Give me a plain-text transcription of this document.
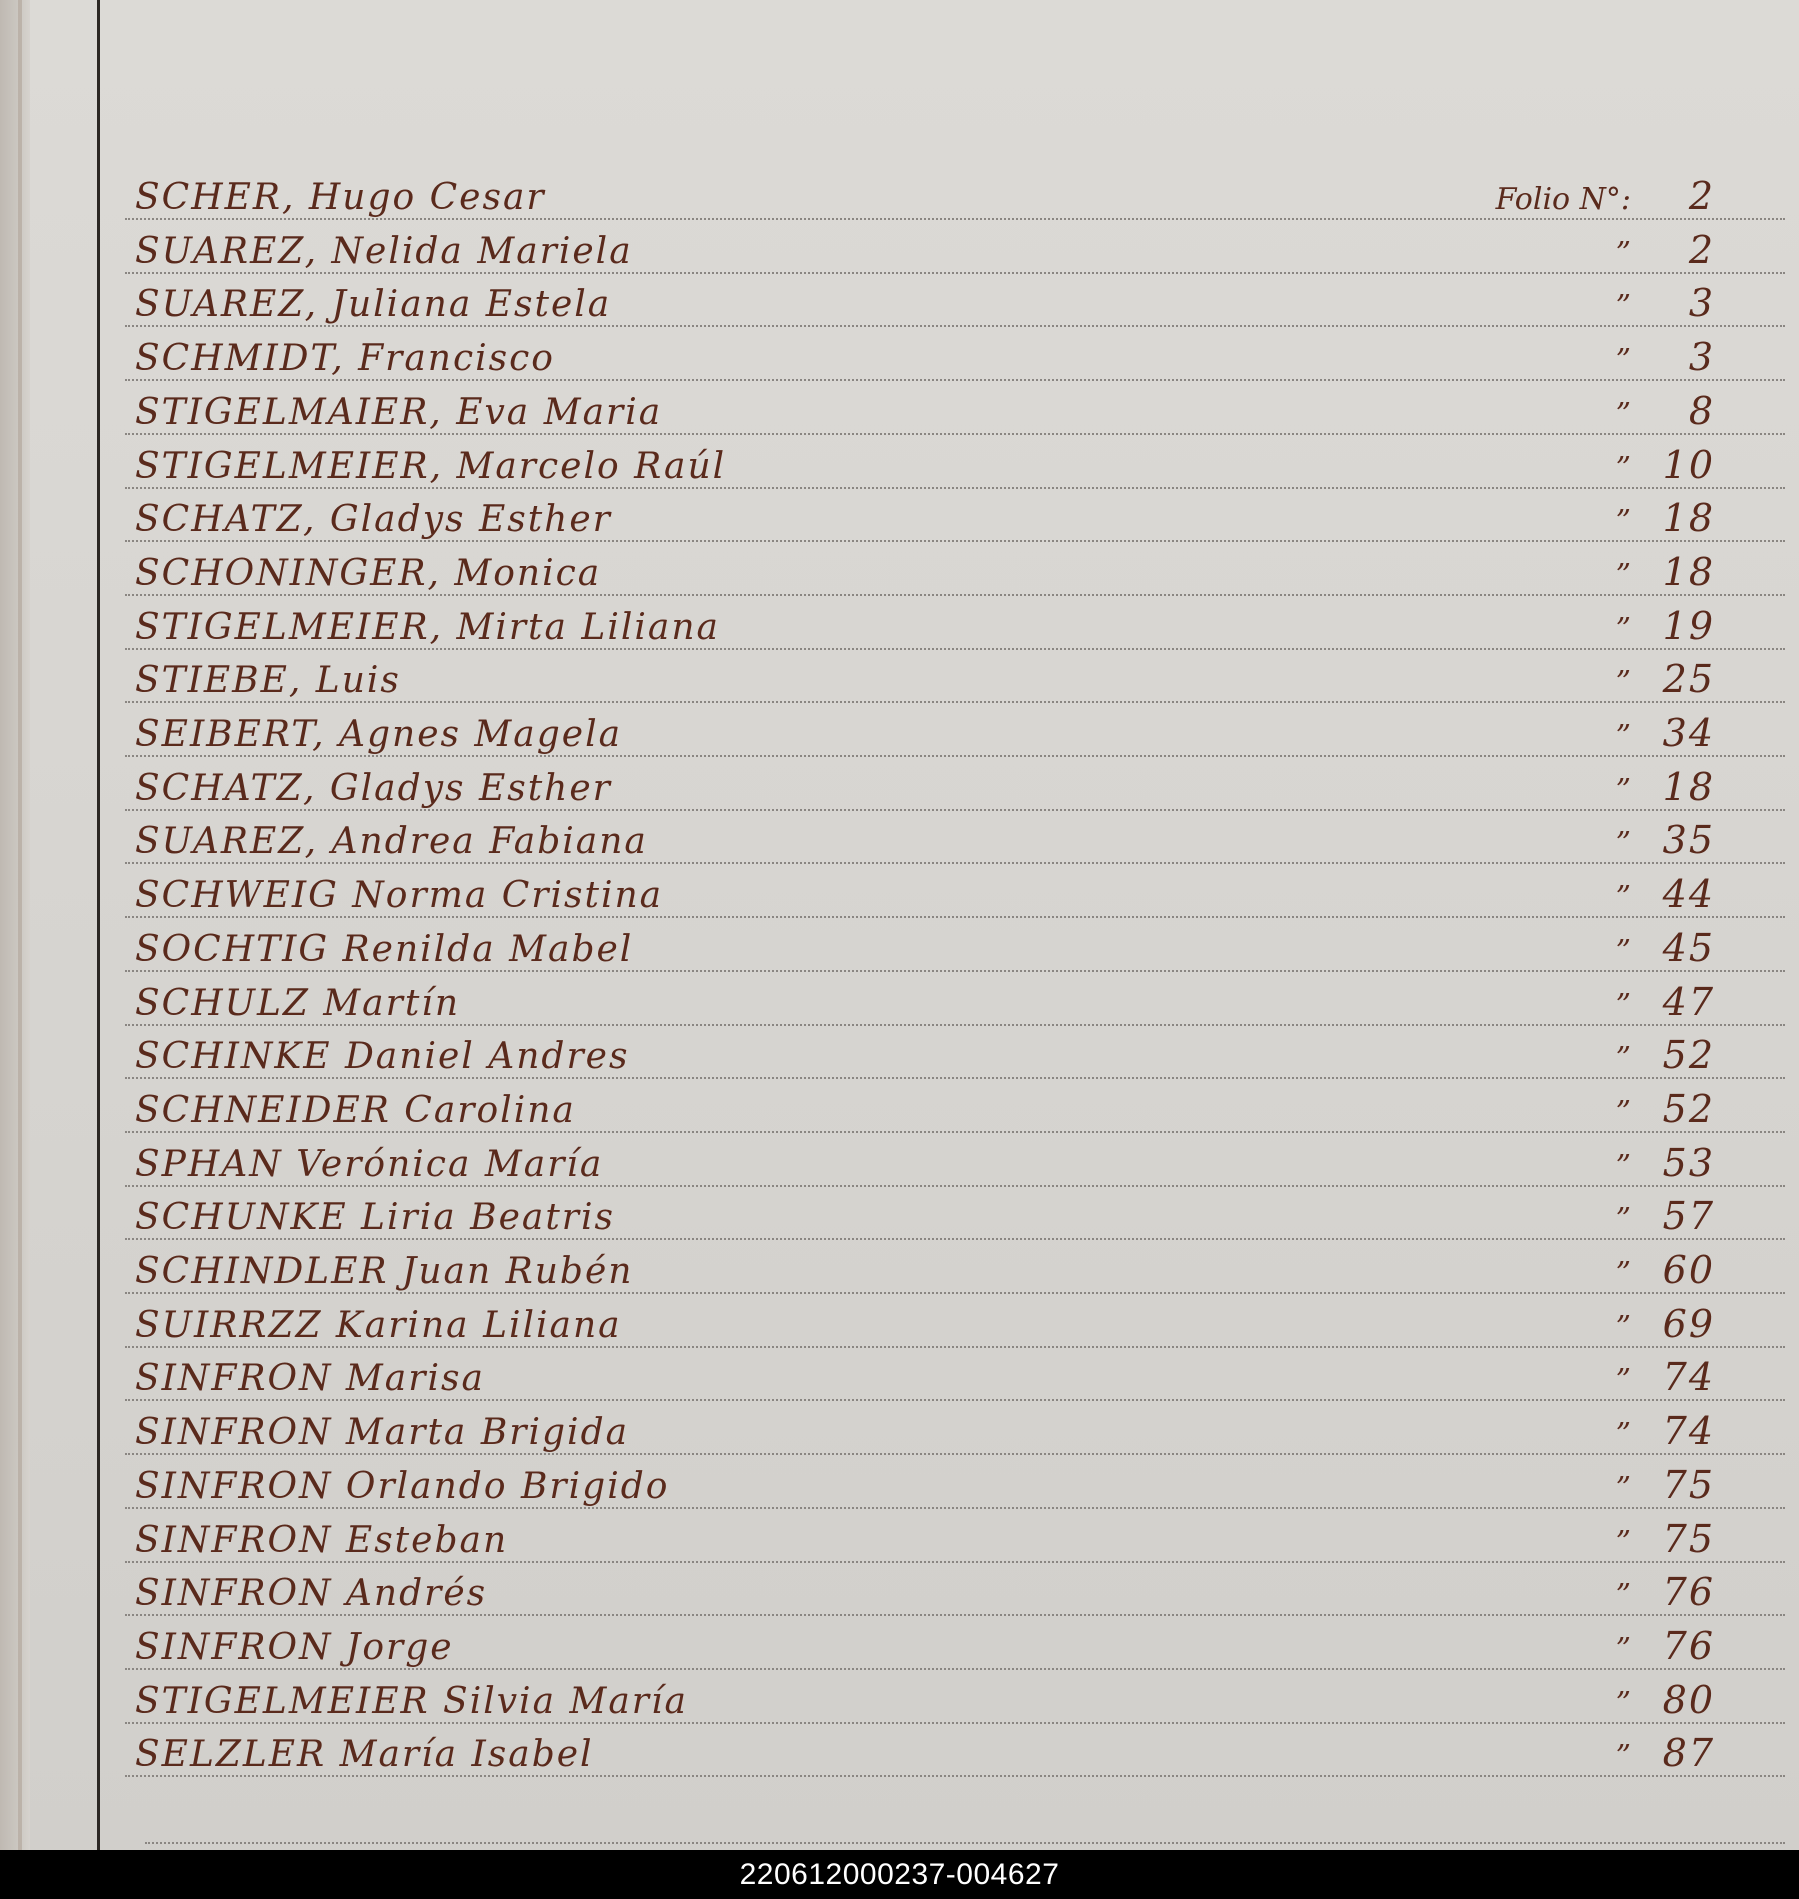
SCHER, Hugo Cesar	Folio N°: 2
SUAREZ, Nelida Mariela	” 2
SUAREZ, Juliana Estela	” 3
SCHMIDT, Francisco	” 3
STIGELMAIER, Eva Maria	” 8
STIGELMEIER, Marcelo Raúl	” 10
SCHATZ, Gladys Esther	” 18
SCHONINGER, Monica	” 18
STIGELMEIER, Mirta Liliana	” 19
STIEBE, Luis	” 25
SEIBERT, Agnes Magela	” 34
SCHATZ, Gladys Esther	” 18
SUAREZ, Andrea Fabiana	” 35
SCHWEIG Norma Cristina	” 44
SOCHTIG Renilda Mabel	” 45
SCHULZ Martín	” 47
SCHINKE Daniel Andres	” 52
SCHNEIDER Carolina	” 52
SPHAN Verónica María	” 53
SCHUNKE Liria Beatris	” 57
SCHINDLER Juan Rubén	” 60
SUIRRZZ Karina Liliana	” 69
SINFRON Marisa	” 74
SINFRON Marta Brigida	” 74
SINFRON Orlando Brigido	” 75
SINFRON Esteban	” 75
SINFRON Andrés	” 76
SINFRON Jorge	” 76
STIGELMEIER Silvia María	” 80
SELZLER María Isabel	” 87
220612000237-004627
